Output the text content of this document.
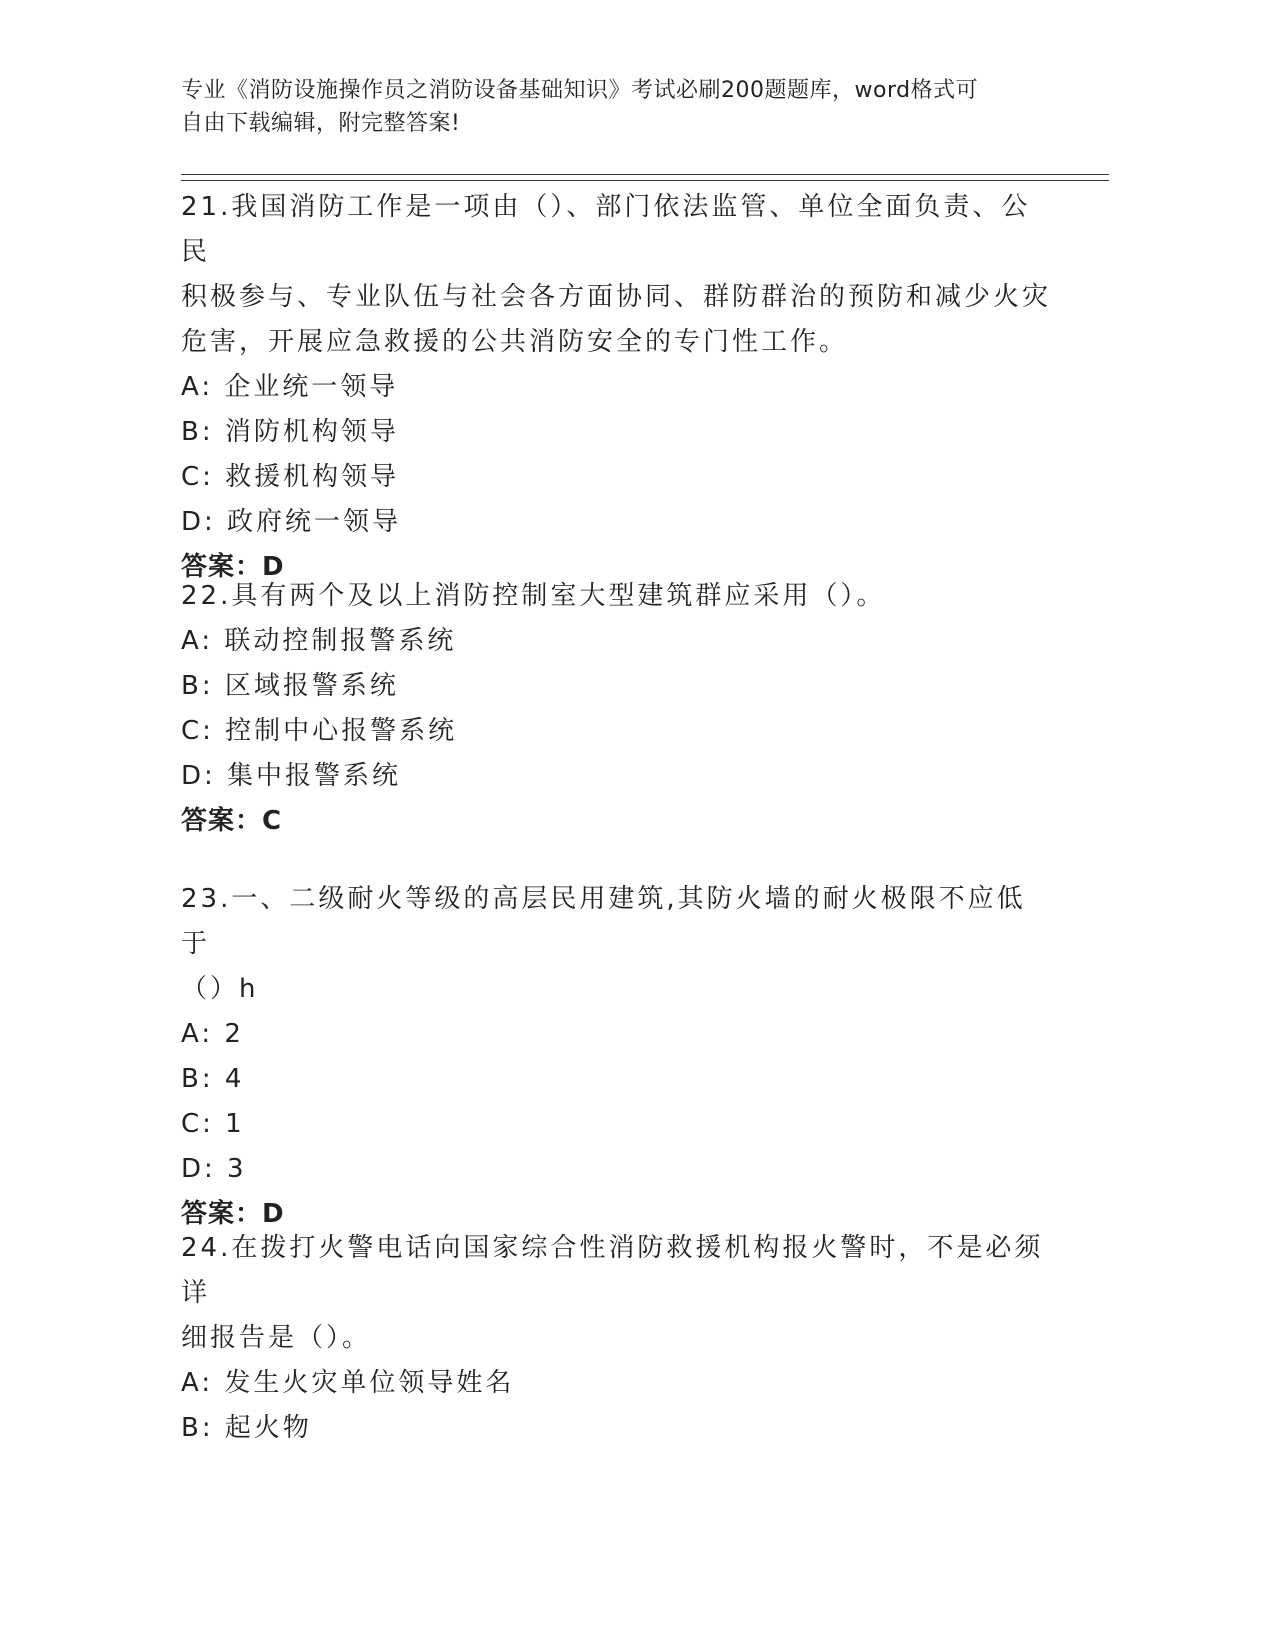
专业《消防设施操作员之消防设备基础知识》考试必刷200题题库，word格式可
自由下载编辑，附完整答案!
21.我国消防工作是一项由（）、部门依法监管、单位全面负责、公民
积极参与、专业队伍与社会各方面协同、群防群治的预防和减少火灾
危害，开展应急救援的公共消防安全的专门性工作。
A: 企业统一领导
B: 消防机构领导
C: 救援机构领导
D: 政府统一领导
答案：D
22.具有两个及以上消防控制室大型建筑群应采用（）。
A: 联动控制报警系统
B: 区域报警系统
C: 控制中心报警系统
D: 集中报警系统
答案：C
23.一、二级耐火等级的高层民用建筑,其防火墙的耐火极限不应低于
（）h
A: 2
B: 4
C: 1
D: 3
答案：D
24.在拨打火警电话向国家综合性消防救援机构报火警时，不是必须详
细报告是（）。
A: 发生火灾单位领导姓名
B: 起火物
